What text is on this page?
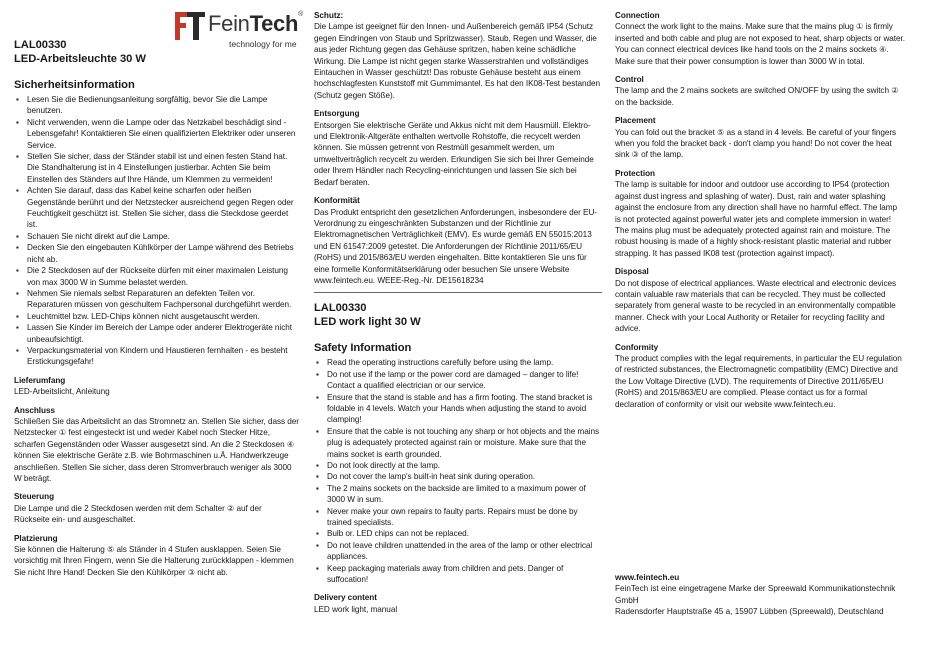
FeinTech®
technology for me

LAL00330

LED-Arbeitsleuchte 30 W

Sicherheitsinformation

▪ Lesen Sie die Bedienungsanleitung sorgfältig, bevor Sie die Lampe benutzen.
▪ Nicht verwenden, wenn die Lampe oder das Netzkabel beschädigt sind - Lebensgefahr! Kontaktieren Sie einen qualifizierten Elektriker oder unseren Service.
▪ Stellen Sie sicher, dass der Ständer stabil ist und einen festen Stand hat. Die Standhalterung ist in 4 Einstellungen justierbar. Achten Sie beim Einstellen des Ständers auf Ihre Hände, um Klemmen zu vermeiden!
▪ Achten Sie darauf, dass das Kabel keine scharfen oder heißen Gegenstände berührt und der Netzstecker ausreichend gegen Regen oder Feuchtigkeit geschützt ist. Stellen Sie sicher, dass die Steckdose geerdet ist.
▪ Schauen Sie nicht direkt auf die Lampe.
▪ Decken Sie den eingebauten Kühlkörper der Lampe während des Betriebs nicht ab.
▪ Die 2 Steckdosen auf der Rückseite dürfen mit einer maximalen Leistung von max 3000 W in Summe belastet werden.
▪ Nehmen Sie niemals selbst Reparaturen an defekten Teilen vor. Reparaturen müssen von geschultem Fachpersonal durchgeführt werden.
▪ Leuchtmittel bzw. LED-Chips können nicht ausgetauscht werden.
▪ Lassen Sie Kinder im Bereich der Lampe oder anderer Elektrogeräte nicht unbeaufsichtigt.
▪ Verpackungsmaterial von Kindern und Haustieren fernhalten - es besteht Erstickungsgefahr!
Lieferumfang

LED-Arbeitslicht, Anleitung

Anschluss

Schließen Sie das Arbeitslicht an das Stromnetz an. Stellen Sie sicher, dass der Netzstecker ① fest eingesteckt ist und weder Kabel noch Stecker Hitze, scharfen Gegenständen oder Wasser ausgesetzt sind. An die 2 Steckdosen ④ können Sie elektrische Geräte z.B. wie Bohrmaschinen u.Ä. Handwerkzeuge anschließen. Stellen Sie sicher, dass deren Stromverbrauch weniger als 3000 W beträgt.

Steuerung

Die Lampe und die 2 Steckdosen werden mit dem Schalter ② auf der Rückseite ein- und ausgeschaltet.

Platzierung

Sie können die Halterung ⑤ als Ständer in 4 Stufen ausklappen. Seien Sie vorsichtig mit Ihren Fingern, wenn Sie die Halterung zurückklappen - klemmen Sie nicht Ihre Hand! Decken Sie den Kühlkörper ③ nicht ab.

Schutz:

Die Lampe ist geeignet für den Innen- und Außenbereich gemäß IP54 (Schutz gegen Eindringen von Staub und Spritzwasser). Staub, Regen und Wasser, die aus jeder Richtung gegen das Gehäuse spritzen, haben keine schädliche Wirkung. Die Lampe ist nicht gegen starke Wasserstrahlen und vollständiges Eintauchen in Wasser geschützt! Das robuste Gehäuse besteht aus einem hochschlagfesten Kunststoff mit Gummimantel. Es hat den IK08-Test bestanden (Schutz gegen Stöße).

Entsorgung

Entsorgen Sie elektrische Geräte und Akkus nicht mit dem Hausmüll. Elektro- und Elektronik-Altgeräte enthalten wertvolle Rohstoffe, die recycelt werden können. Sie müssen getrennt von Restmüll gesammelt werden, um umweltverträglich recycelt zu werden. Erkundigen Sie sich bei Ihrer Gemeinde oder Ihrem Händler nach Recycling-einrichtungen und lassen Sie sich bei Bedarf beraten.

Konformität

Das Produkt entspricht den gesetzlichen Anforderungen, insbesondere der EU-Verordnung zu eingeschränkten Substanzen und der Richtlinie zur Elektromagnetischen Verträglichkeit (EMV). Es wurde gemäß EN 55015:2013 und EN 61547:2009 getestet. Die Anforderungen der Richtlinie 2011/65/EU (RoHS) und 2015/863/EU werden eingehalten. Bitte kontaktieren Sie uns für eine formelle Konformitätserklärung oder besuchen Sie unsere Website www.feintech.eu. WEEE-Reg.-Nr. DE15618234

LAL00330

LED work light 30 W

Safety Information

▪ Read the operating instructions carefully before using the lamp.
▪ Do not use if the lamp or the power cord are damaged – danger to life! Contact a qualified electrician or our service.
▪ Ensure that the stand is stable and has a firm footing. The stand bracket is foldable in 4 levels. Watch your Hands when adjusting the stand to avoid clamping!
▪ Ensure that the cable is not touching any sharp or hot objects and the mains plug is adequately protected against rain or moisture. Make sure that the mains socket is earth grounded.
▪ Do not look directly at the lamp.
▪ Do not cover the lamp's built-in heat sink during operation.
▪ The 2 mains sockets on the backside are limited to a maximum power of 3000 W in sum.
▪ Never make your own repairs to faulty parts. Repairs must be done by trained specialists.
▪ Bulb or. LED chips can not be replaced.
▪ Do not leave children unattended in the area of the lamp or other electrical appliances.
▪ Keep packaging materials away from children and pets. Danger of suffocation!
Delivery content

LED work light, manual

Connection

Connect the work light to the mains. Make sure that the mains plug ① is firmly inserted and both cable and plug are not exposed to heat, sharp objects or water. You can connect electrical devices like hand tools on the 2 mains sockets ④. Make sure that their power consumption is lower than 3000 W in total.

Control

The lamp and the 2 mains sockets are switched ON/OFF by using the switch ② on the backside.

Placement

You can fold out the bracket ⑤ as a stand in 4 levels. Be careful of your fingers when you fold the bracket back - don't clamp you hand! Do not cover the heat sink ③ of the lamp.

Protection

The lamp is suitable for indoor and outdoor use according to IP54 (protection against dust ingress and splashing of water). Dust, rain and water splashing against the enclosure from any direction shall have no harmful effect. The lamp is not protected against powerful water jets and complete immersion in water! The mains plug must be adequately protected against rain and moisture. The robust housing is made of a highly shock-resistant plastic material and rubber strapping. It has passed IK08 test (protection against impact).

Disposal

Do not dispose of electrical appliances. Waste electrical and electronic devices contain valuable raw materials that can be recycled. They must be collected separately from general waste to be recycled in an environmentally compatible manner. Check with your Local Authority or Retailer for recycling facility and advice.

Conformity

The product complies with the legal requirements, in particular the EU regulation of restricted substances, the Electromagnetic compatibility (EMC) Directive and the Low Voltage Directive (LVD). The requirements of Directive 2011/65/EU (RoHS) and 2015/863/EU are complied. Please contact us for a formal declaration of conformity or visit our website www.feintech.eu.

www.feintech.eu

FeinTech ist eine eingetragene Marke der Spreewald Kommunikationstechnik GmbH

Radensdorfer Hauptstraße 45 a, 15907 Lübben (Spreewald), Deutschland
